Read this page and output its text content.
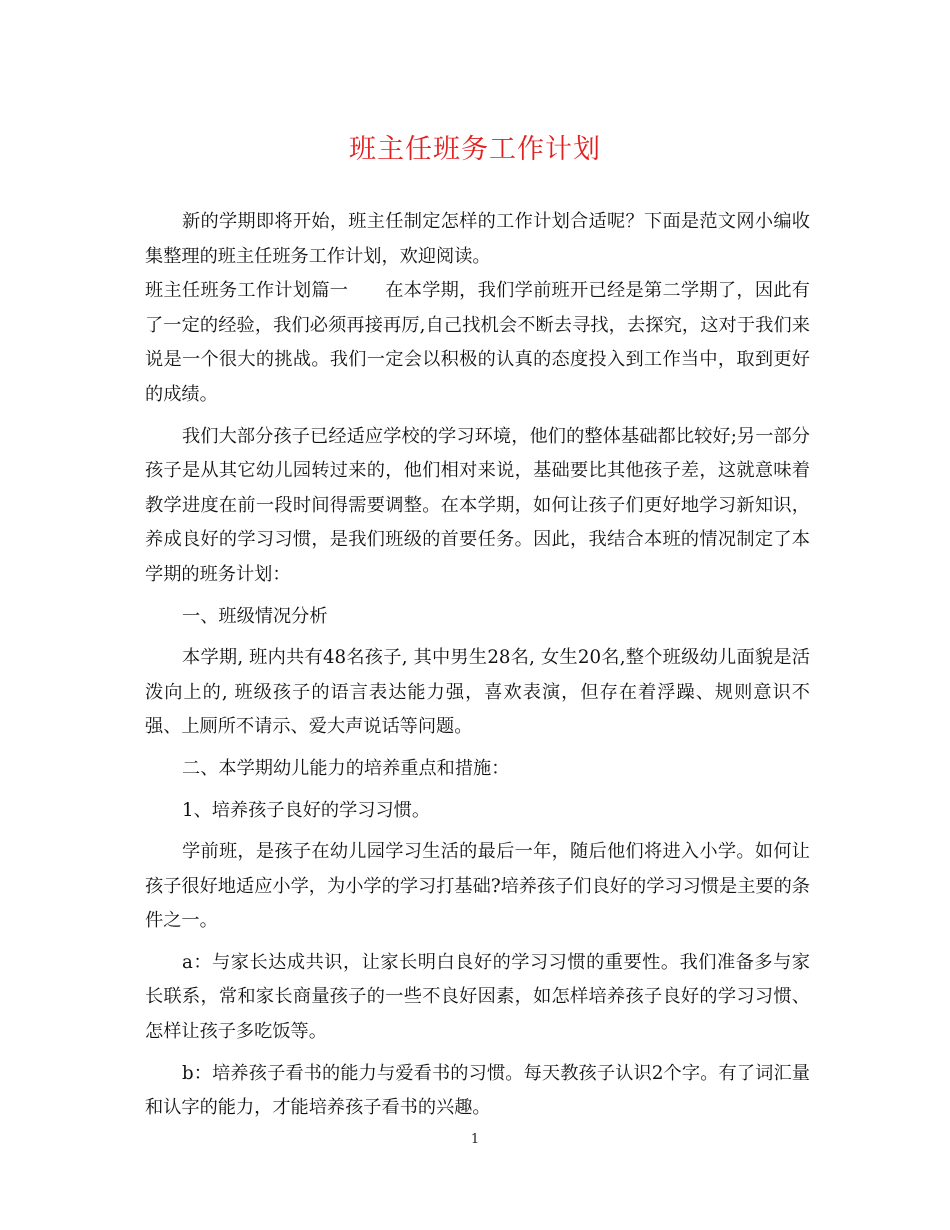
班主任班务工作计划

新的学期即将开始，班主任制定怎样的工作计划合适呢？下面是范文网小编收集整理的班主任班务工作计划，欢迎阅读。

班主任班务工作计划篇一　　在本学期，我们学前班开已经是第二学期了，因此有了一定的经验，我们必须再接再厉,自己找机会不断去寻找，去探究，这对于我们来说是一个很大的挑战。我们一定会以积极的认真的态度投入到工作当中，取到更好的成绩。

我们大部分孩子已经适应学校的学习环境，他们的整体基础都比较好;另一部分孩子是从其它幼儿园转过来的，他们相对来说，基础要比其他孩子差，这就意味着教学进度在前一段时间得需要调整。在本学期，如何让孩子们更好地学习新知识，养成良好的学习习惯，是我们班级的首要任务。因此，我结合本班的情况制定了本学期的班务计划：

一、班级情况分析

本学期, 班内共有48名孩子, 其中男生28名, 女生20名,整个班级幼儿面貌是活泼向上的, 班级孩子的语言表达能力强，喜欢表演，但存在着浮躁、规则意识不强、上厕所不请示、爱大声说话等问题。

二、本学期幼儿能力的培养重点和措施：

1、培养孩子良好的学习习惯。

学前班，是孩子在幼儿园学习生活的最后一年，随后他们将进入小学。如何让孩子很好地适应小学，为小学的学习打基础?培养孩子们良好的学习习惯是主要的条件之一。

a：与家长达成共识，让家长明白良好的学习习惯的重要性。我们准备多与家长联系，常和家长商量孩子的一些不良好因素，如怎样培养孩子良好的学习习惯、怎样让孩子多吃饭等。

b：培养孩子看书的能力与爱看书的习惯。每天教孩子认识2个字。有了词汇量和认字的能力，才能培养孩子看书的兴趣。

1
